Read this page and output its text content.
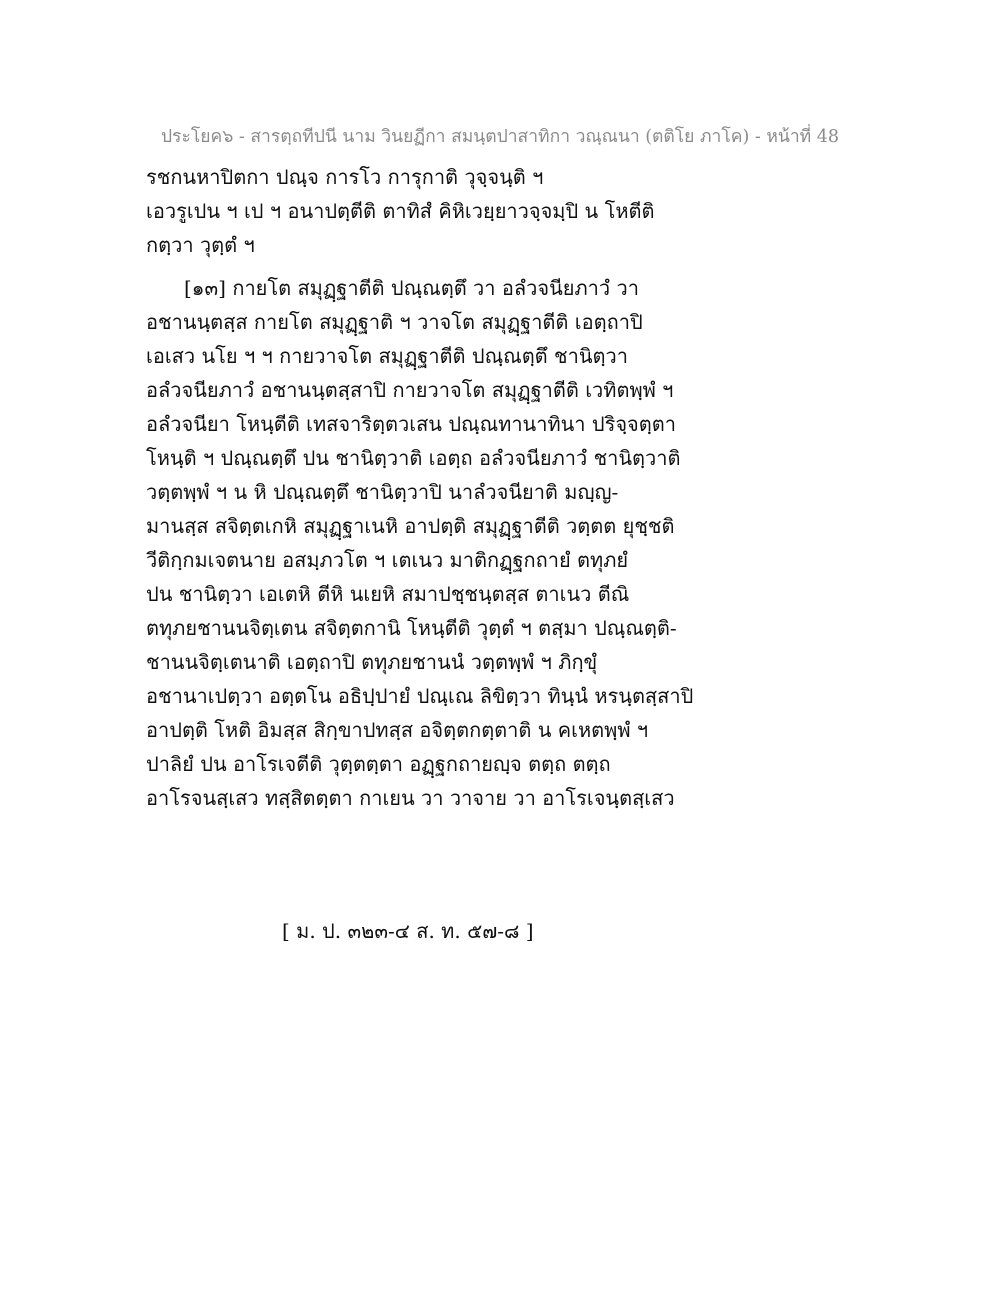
ประโยค๖ - สารตฺถทีปนี นาม วินยฏีกา สมนฺตปาสาทิกา วณฺณนา (ตติโย ภาโค) - หน้าที่ 48
รชกนหาปิตกา ปณฺจ การโว การุกาติ วุจฺจนฺติ ฯ
เอวรูเปน ฯ เป ฯ อนาปตฺตีติ ตาทิสํ คิหิเวยฺยาวจฺจมฺปิ น โหตีติ
กตฺวา วุตฺตํ ฯ
[๑๓] กายโต สมุฏฺฐาตีติ ปณฺณตฺตึ วา อลํวจนียภาวํ วา
อชานนฺตสฺส กายโต สมุฏฺฐาติ ฯ วาจโต สมุฏฺฐาตีติ เอตฺถาปิ
เอเสว นโย ฯ ฯ กายวาจโต สมุฏฺฐาตีติ ปณฺณตฺตึ ชานิตฺวา
อลํวจนียภาวํ อชานนฺตสฺสาปิ กายวาจโต สมุฏฺฐาตีติ เวทิตพฺพํ ฯ
อลํวจนียา โหนฺตีติ เทสจาริตฺตวเสน ปณฺณทานาทินา ปริจฺจตฺตา
โหนฺติ ฯ ปณฺณตฺตึ ปน ชานิตฺวาติ เอตฺถ อลํวจนียภาวํ ชานิตฺวาติ
วตฺตพฺพํ ฯ น หิ ปณฺณตฺตึ ชานิตฺวาปิ นาลํวจนียาติ มญฺญ-
มานสฺส สจิตฺตเกหิ สมุฏฺฐาเนหิ อาปตฺติ สมุฏฺฐาตีติ วตฺตต ยุชฺชติ
วีติกฺกมเจตนาย อสมฺภวโต ฯ เตเนว มาติกฏฺฐกถายํ ตทุภยํ
ปน ชานิตฺวา เอเตหิ ตีหิ นเยหิ สมาปชฺชนฺตสฺส ตาเนว ตีณิ
ตทุภยชานนจิตฺเตน สจิตฺตกานิ โหนฺตีติ วุตฺตํ ฯ ตสฺมา ปณฺณตฺติ-
ชานนจิตฺเตนาติ เอตฺถาปิ ตทุภยชานนํ วตฺตพฺพํ ฯ ภิกฺขุํ
อชานาเปตฺวา อตฺตโน อธิปฺปายํ ปณฺเณ ลิขิตฺวา ทินฺนํ หรนฺตสฺสาปิ
อาปตฺติ โหติ อิมสฺส สิกฺขาปทสฺส อจิตฺตกตฺตาติ น คเหตพฺพํ ฯ
ปาลิยํ ปน อาโรเจตีติ วุตฺตตฺตา อฏฺฐกถายญฺจ ตตฺถ ตตฺถ
อาโรจนสฺเสว ทสฺสิตตฺตา กาเยน วา วาจาย วา อาโรเจนฺตสฺเสว
[ ม. ป. ๓๒๓-๔ ส. ท. ๕๗-๘ ]
